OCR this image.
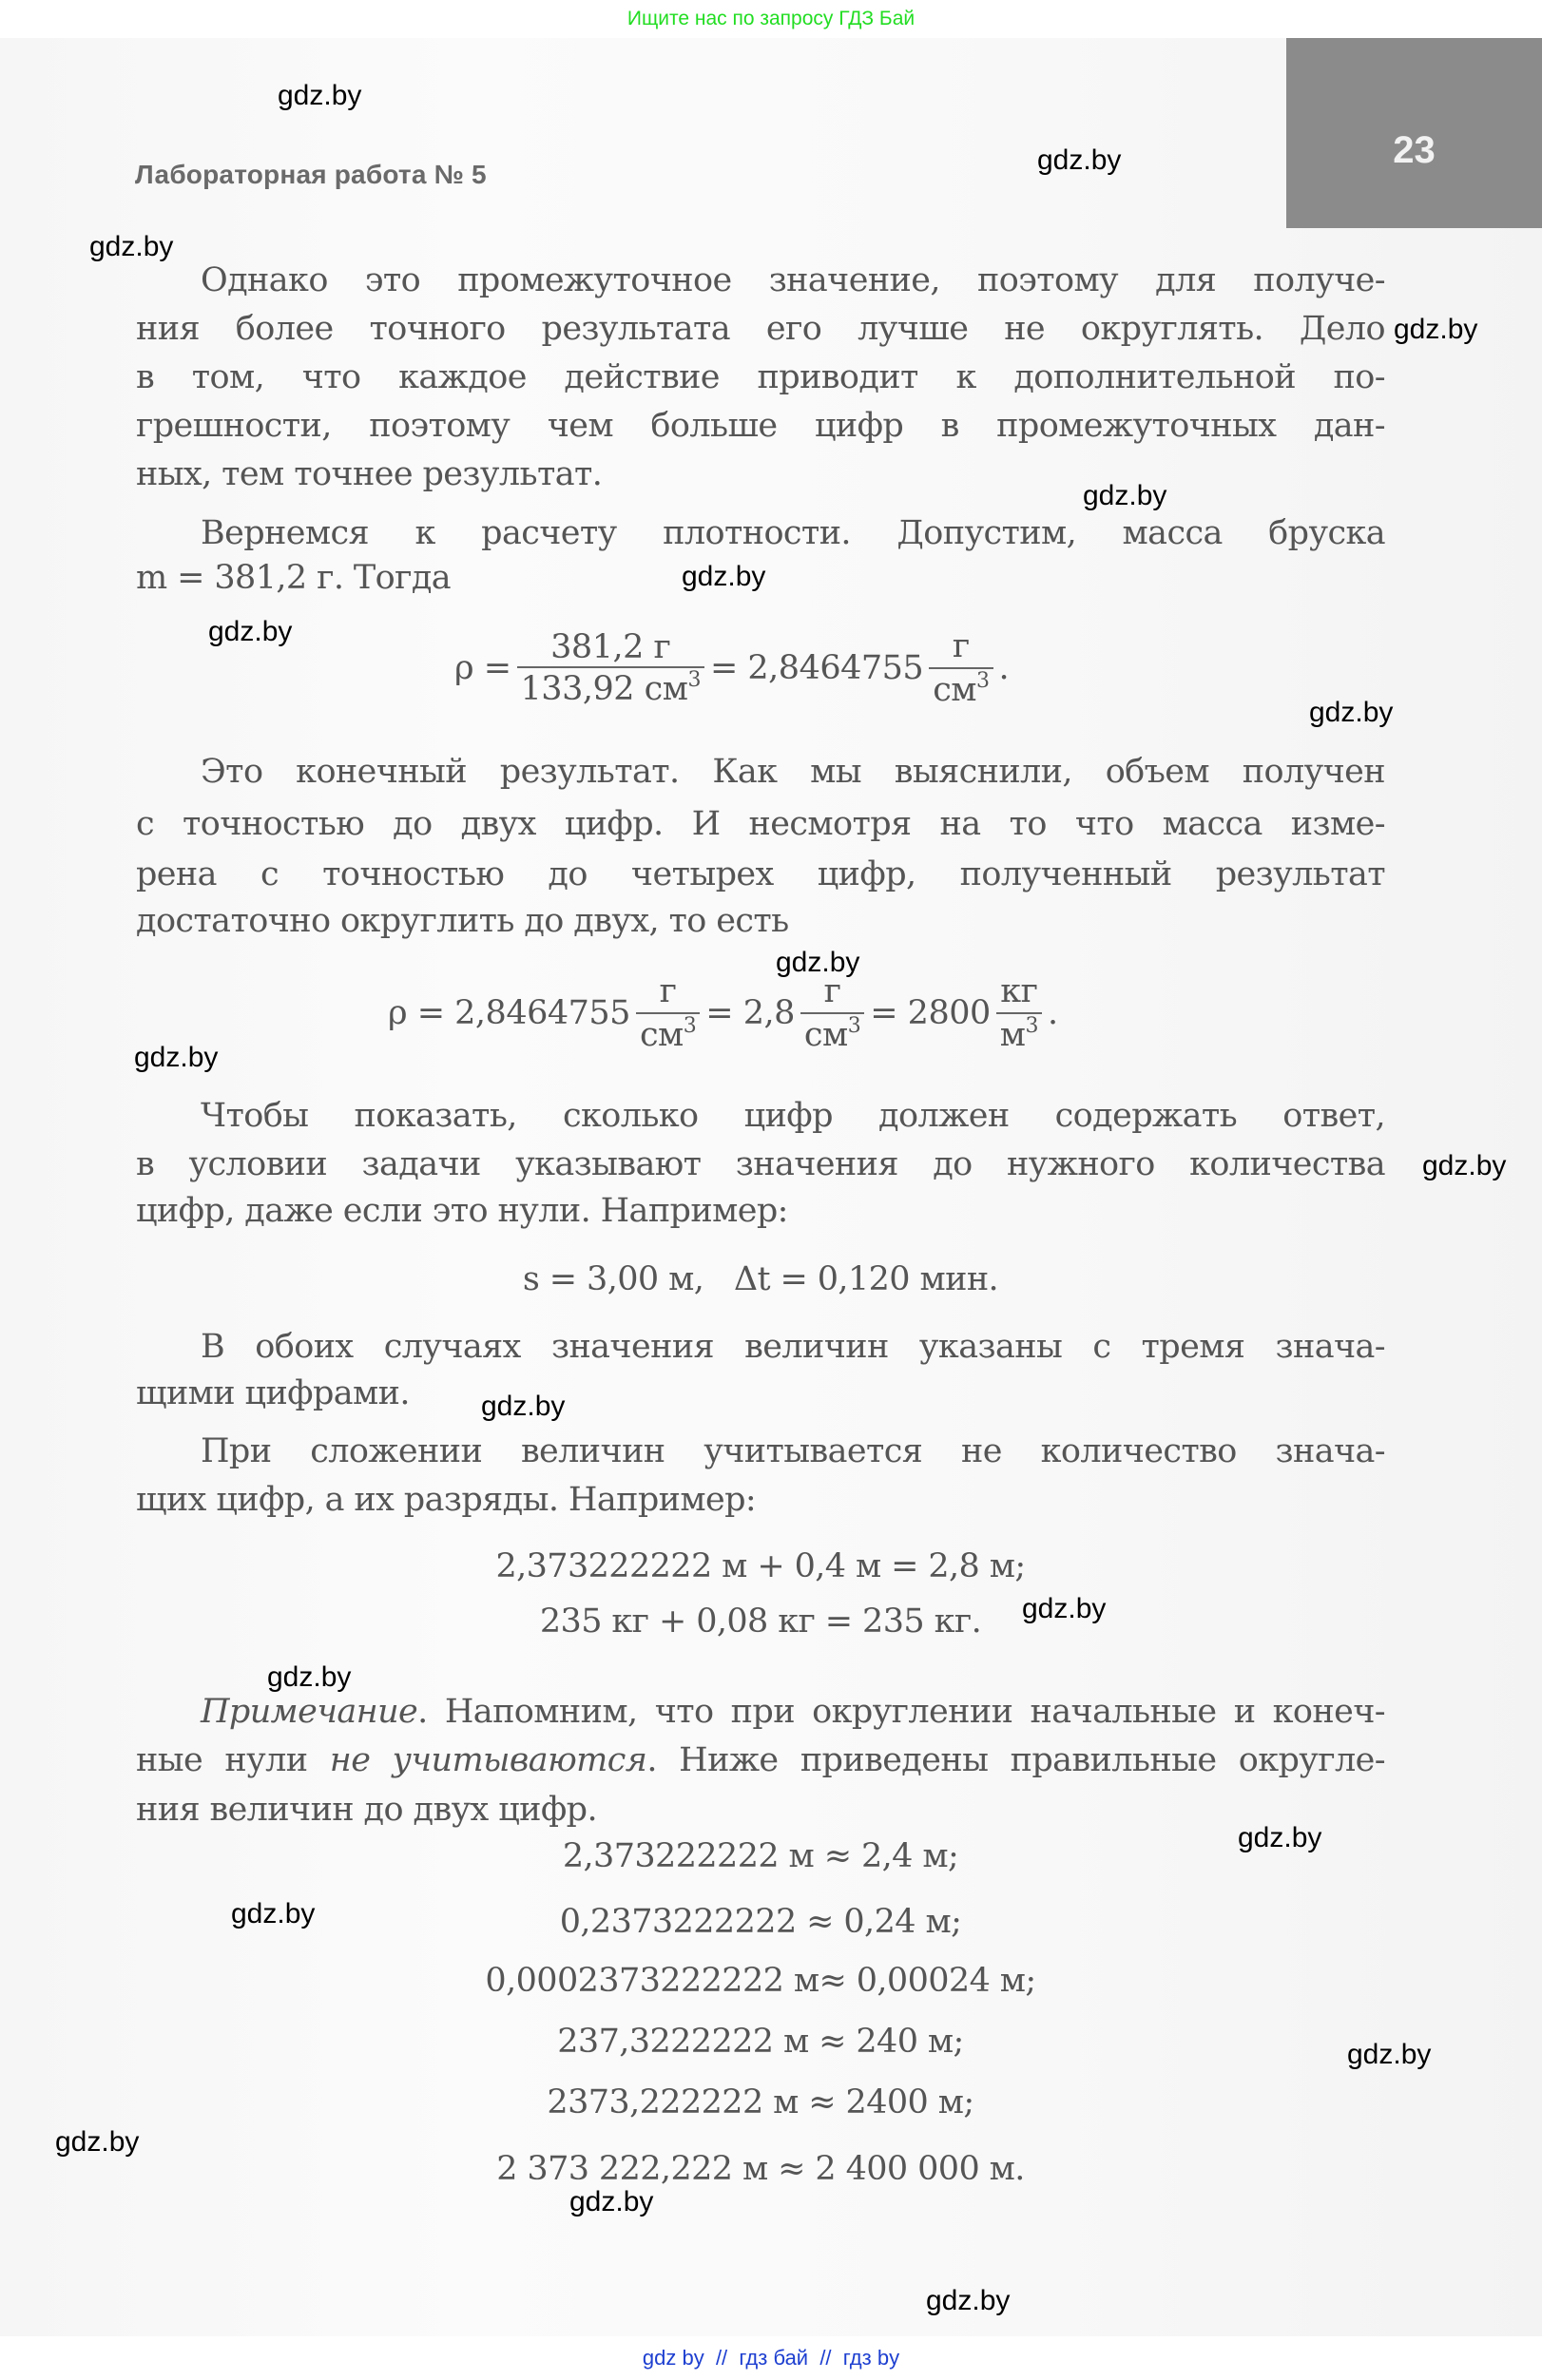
Ищите нас по запросу ГДЗ Бай
23
Лабораторная работа № 5
Однако это промежуточное значение, поэтому для получе-
ния более точного результата его лучше не округлять. Дело
в том, что каждое действие приводит к дополнительной по-
грешности, поэтому чем больше цифр в промежуточных дан-
ных, тем точнее результат.
Вернемся к расчету плотности. Допустим, масса бруска
m = 381,2 г. Тогда
$\rho = \frac{381,2 г}{133,92 см^3} = 2,8464755 \frac{г}{см^3}$ .
Это конечный результат. Как мы выяснили, объем получен
с точностью до двух цифр. И несмотря на то что масса изме-
рена с точностью до четырех цифр, полученный результат
достаточно округлить до двух, то есть
$\rho = 2,8464755 \frac{г}{см^3} = 2,8 \frac{г}{см^3} = 2800 \frac{кг}{м^3}$ .
Чтобы показать, сколько цифр должен содержать ответ,
в условии задачи указывают значения до нужного количества
цифр, даже если это нули. Например:
s = 3,00 м,   Δt = 0,120 мин.
В обоих случаях значения величин указаны с тремя знача-
щими цифрами.
При сложении величин учитывается не количество знача-
щих цифр, а их разряды. Например:
2,373222222 м + 0,4 м = 2,8 м;
235 кг + 0,08 кг = 235 кг.
Примечание. Напомним, что при округлении начальные и конеч-
ные нули не учитываются. Ниже приведены правильные округле-
ния величин до двух цифр.
2,373222222 м ≈ 2,4 м;
0,2373222222 ≈ 0,24 м;
0,0002373222222 м≈ 0,00024 м;
237,3222222 м ≈ 240 м;
2373,222222 м ≈ 2400 м;
2 373 222,222 м ≈ 2 400 000 м.
gdz.by
gdz.by
gdz.by
gdz.by
gdz.by
gdz.by
gdz.by
gdz.by
gdz.by
gdz.by
gdz.by
gdz.by
gdz.by
gdz.by
gdz.by
gdz.by
gdz.by
gdz.by
gdz.by
gdz.by
gdz by  //  гдз бай  //  гдз by
